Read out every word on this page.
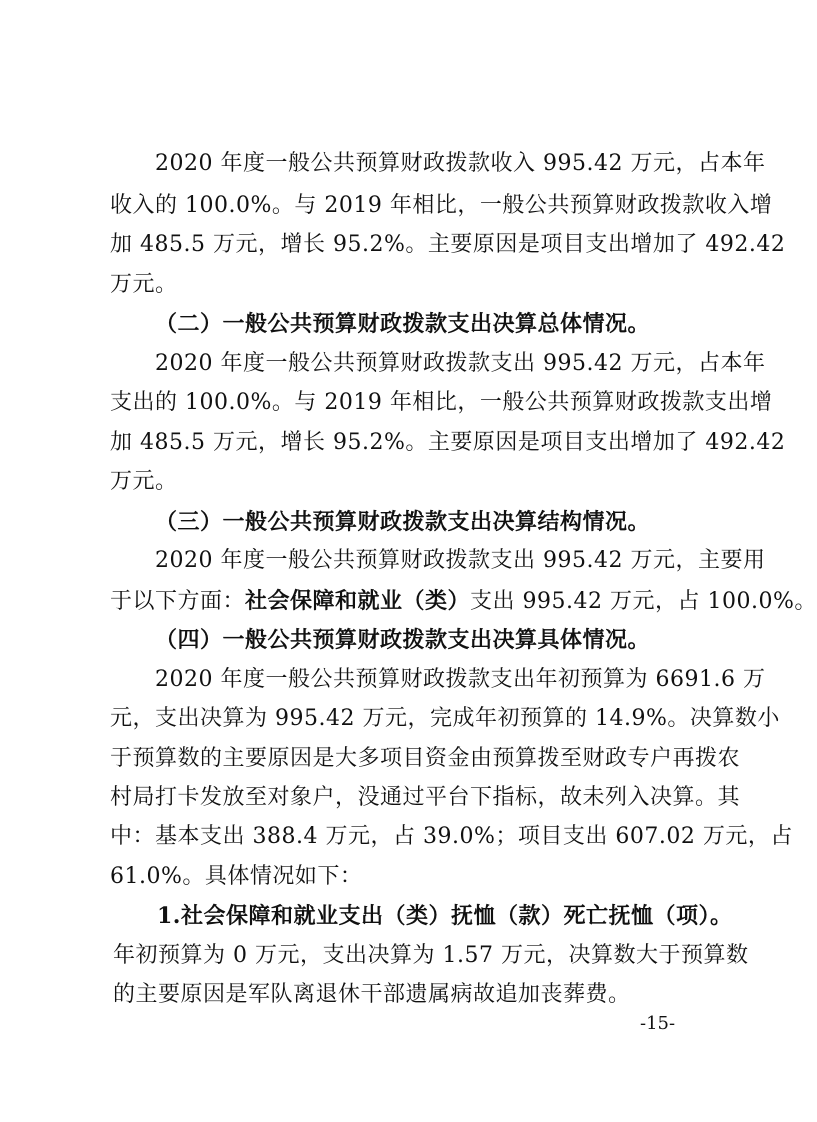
2020 年度一般公共预算财政拨款收入 995.42 万元，占本年
收入的 100.0%。与 2019 年相比，一般公共预算财政拨款收入增
加 485.5 万元，增长 95.2%。主要原因是项目支出增加了 492.42
万元。
（二）一般公共预算财政拨款支出决算总体情况。
2020 年度一般公共预算财政拨款支出 995.42 万元，占本年
支出的 100.0%。与 2019 年相比，一般公共预算财政拨款支出增
加 485.5 万元，增长 95.2%。主要原因是项目支出增加了 492.42
万元。
（三）一般公共预算财政拨款支出决算结构情况。
2020 年度一般公共预算财政拨款支出 995.42 万元，主要用
于以下方面：社会保障和就业（类）支出 995.42 万元，占 100.0%。
（四）一般公共预算财政拨款支出决算具体情况。
2020 年度一般公共预算财政拨款支出年初预算为 6691.6 万
元，支出决算为 995.42 万元，完成年初预算的 14.9%。决算数小
于预算数的主要原因是大多项目资金由预算拨至财政专户再拨农
村局打卡发放至对象户，没通过平台下指标，故未列入决算。其
中：基本支出 388.4 万元，占 39.0%；项目支出 607.02 万元，占
61.0%。具体情况如下：
1.社会保障和就业支出（类）抚恤（款）死亡抚恤（项）。
年初预算为 0 万元，支出决算为 1.57 万元，决算数大于预算数
的主要原因是军队离退休干部遗属病故追加丧葬费。
-15-
